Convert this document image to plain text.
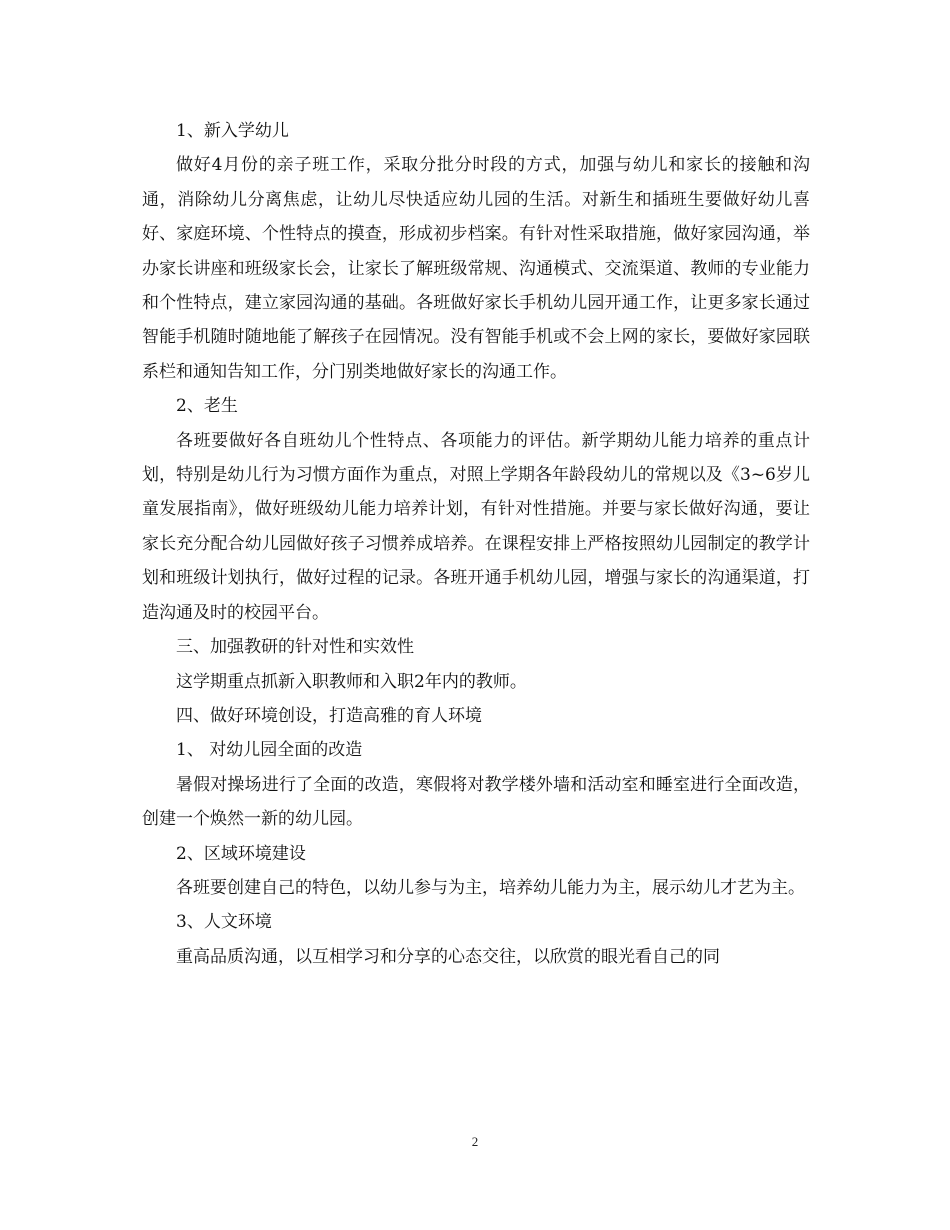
1、新入学幼儿

做好4月份的亲子班工作，采取分批分时段的方式，加强与幼儿和家长的接触和沟通，消除幼儿分离焦虑，让幼儿尽快适应幼儿园的生活。对新生和插班生要做好幼儿喜好、家庭环境、个性特点的摸查，形成初步档案。有针对性采取措施，做好家园沟通，举办家长讲座和班级家长会，让家长了解班级常规、沟通模式、交流渠道、教师的专业能力和个性特点，建立家园沟通的基础。各班做好家长手机幼儿园开通工作，让更多家长通过智能手机随时随地能了解孩子在园情况。没有智能手机或不会上网的家长，要做好家园联系栏和通知告知工作，分门别类地做好家长的沟通工作。

2、老生

各班要做好各自班幼儿个性特点、各项能力的评估。新学期幼儿能力培养的重点计划，特别是幼儿行为习惯方面作为重点，对照上学期各年龄段幼儿的常规以及《3~6岁儿童发展指南》，做好班级幼儿能力培养计划，有针对性措施。并要与家长做好沟通，要让家长充分配合幼儿园做好孩子习惯养成培养。在课程安排上严格按照幼儿园制定的教学计划和班级计划执行，做好过程的记录。各班开通手机幼儿园，增强与家长的沟通渠道，打造沟通及时的校园平台。

三、加强教研的针对性和实效性

这学期重点抓新入职教师和入职2年内的教师。

四、做好环境创设，打造高雅的育人环境

1、 对幼儿园全面的改造

暑假对操场进行了全面的改造，寒假将对教学楼外墙和活动室和睡室进行全面改造，创建一个焕然一新的幼儿园。

2、区域环境建设

各班要创建自己的特色，以幼儿参与为主，培养幼儿能力为主，展示幼儿才艺为主。

3、人文环境

重高品质沟通，以互相学习和分享的心态交往，以欣赏的眼光看自己的同

2
